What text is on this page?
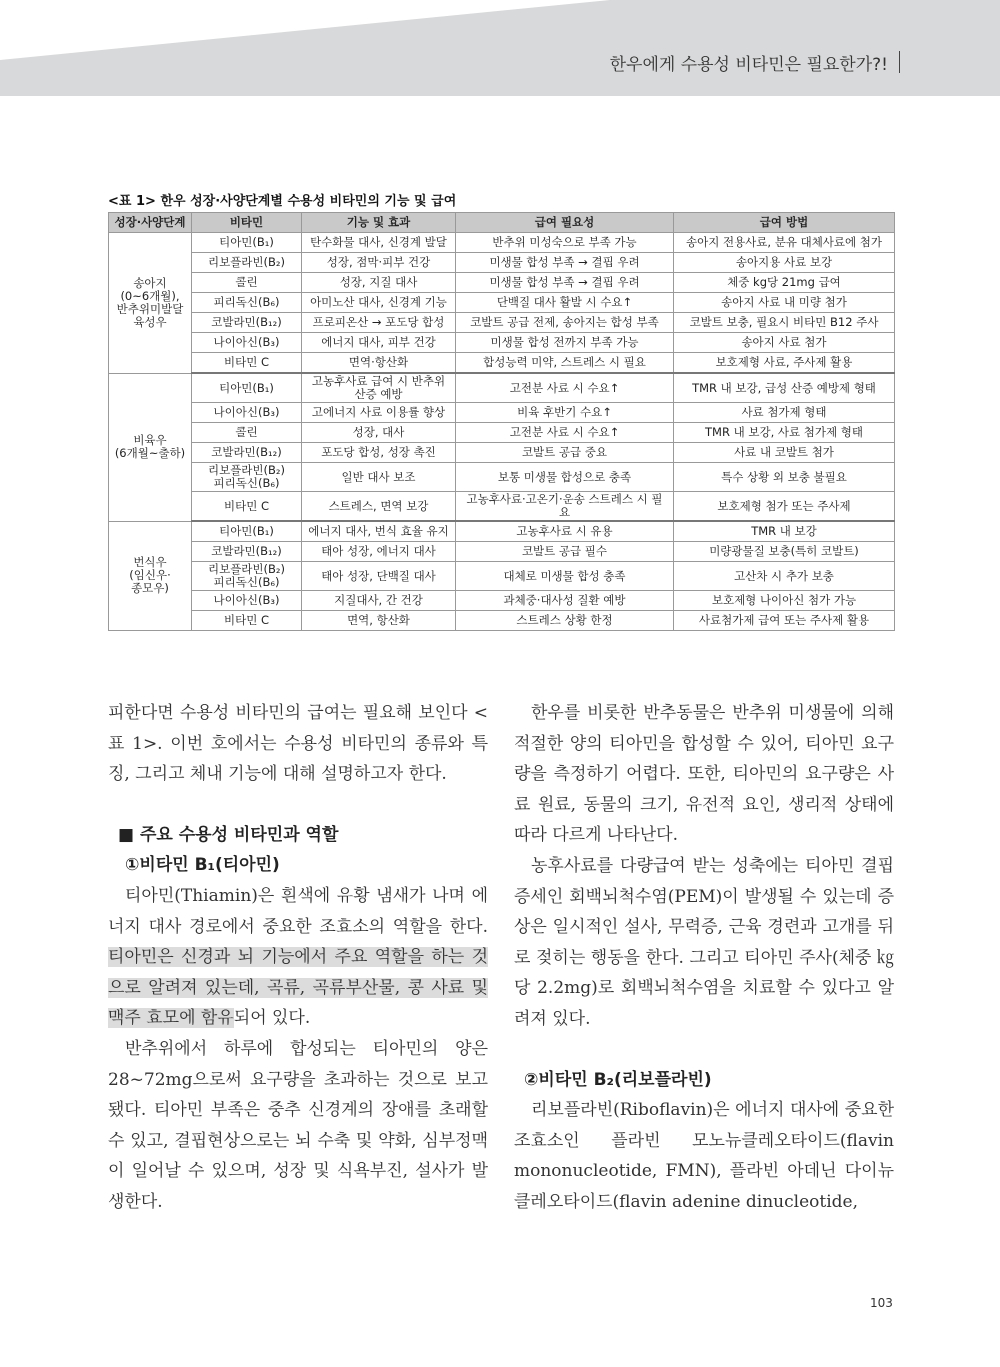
한우에게 수용성 비타민은 필요한가?!
<표 1> 한우 성장·사양단계별 수용성 비타민의 기능 및 급여
성장·사양단계	비타민	기능 및 효과	급여 필요성	급여 방법
송아지
(0~6개월),
반추위미발달
육성우	티아민(B₁)	탄수화물 대사, 신경계 발달	반추위 미성숙으로 부족 가능	송아지 전용사료, 분유 대체사료에 첨가
	리보플라빈(B₂)	성장, 점막·피부 건강	미생물 합성 부족 → 결핍 우려	송아지용 사료 보강
	콜린	성장, 지질 대사	미생물 합성 부족 → 결핍 우려	체중 kg당 21mg 급여
	피리독신(B₆)	아미노산 대사, 신경계 기능	단백질 대사 활발 시 수요↑	송아지 사료 내 미량 첨가
	코발라민(B₁₂)	프로피온산 → 포도당 합성	코발트 공급 전제, 송아지는 합성 부족	코발트 보충, 필요시 비타민 B12 주사
	나이아신(B₃)	에너지 대사, 피부 건강	미생물 합성 전까지 부족 가능	송아지 사료 첨가
	비타민 C	면역·항산화	합성능력 미약, 스트레스 시 필요	보호제형 사료, 주사제 활용
비육우
(6개월~출하)	티아민(B₁)	고농후사료 급여 시 반추위
산증 예방	고전분 사료 시 수요↑	TMR 내 보강, 급성 산증 예방제 형태
	나이아신(B₃)	고에너지 사료 이용률 향상	비육 후반기 수요↑	사료 첨가제 형태
	콜린	성장, 대사	고전분 사료 시 수요↑	TMR 내 보강, 사료 첨가제 형태
	코발라민(B₁₂)	포도당 합성, 성장 촉진	코발트 공급 중요	사료 내 코발트 첨가
	리보플라빈(B₂)
피리독신(B₆)	일반 대사 보조	보통 미생물 합성으로 충족	특수 상황 외 보충 불필요
	비타민 C	스트레스, 면역 보강	고농후사료·고온기·운송 스트레스 시 필
요	보호제형 첨가 또는 주사제
번식우
(임신우·
종모우)	티아민(B₁)	에너지 대사, 번식 효율 유지	고농후사료 시 유용	TMR 내 보강
	코발라민(B₁₂)	태아 성장, 에너지 대사	코발트 공급 필수	미량광물질 보충(특히 코발트)
	리보플라빈(B₂)
피리독신(B₆)	태아 성장, 단백질 대사	대체로 미생물 합성 충족	고산차 시 추가 보충
	나이아신(B₃)	지질대사, 간 건강	과체중·대사성 질환 예방	보호제형 나이아신 첨가 가능
	비타민 C	면역, 항산화	스트레스 상황 한정	사료첨가제 급여 또는 주사제 활용

피한다면 수용성 비타민의 급여는 필요해 보인다 <표 1>. 이번 호에서는 수용성 비타민의 종류와 특징, 그리고 체내 기능에 대해 설명하고자 한다.

■ 주요 수용성 비타민과 역할
①비타민 B₁(티아민)

티아민(Thiamin)은 흰색에 유황 냄새가 나며 에너지 대사 경로에서 중요한 조효소의 역할을 한다. 티아민은 신경과 뇌 기능에서 주요 역할을 하는 것으로 알려져 있는데, 곡류, 곡류부산물, 콩 사료 및 맥주 효모에 함유되어 있다.

반추위에서 하루에 합성되는 티아민의 양은 28~72mg으로써 요구량을 초과하는 것으로 보고됐다. 티아민 부족은 중추 신경계의 장애를 초래할 수 있고, 결핍현상으로는 뇌 수축 및 약화, 심부정맥이 일어날 수 있으며, 성장 및 식욕부진, 설사가 발생한다.

한우를 비롯한 반추동물은 반추위 미생물에 의해 적절한 양의 티아민을 합성할 수 있어, 티아민 요구량을 측정하기 어렵다. 또한, 티아민의 요구량은 사료 원료, 동물의 크기, 유전적 요인, 생리적 상태에 따라 다르게 나타난다.

농후사료를 다량급여 받는 성축에는 티아민 결핍증세인 회백뇌척수염(PEM)이 발생될 수 있는데 증상은 일시적인 설사, 무력증, 근육 경련과 고개를 뒤로 젖히는 행동을 한다. 그리고 티아민 주사(체중 ㎏당 2.2mg)로 회백뇌척수염을 치료할 수 있다고 알려져 있다.

②비타민 B₂(리보플라빈)

리보플라빈(Riboflavin)은 에너지 대사에 중요한 조효소인 플라빈 모노뉴클레오타이드(flavin mononucleotide, FMN), 플라빈 아데닌 다이뉴클레오타이드(flavin adenine dinucleotide,

103
